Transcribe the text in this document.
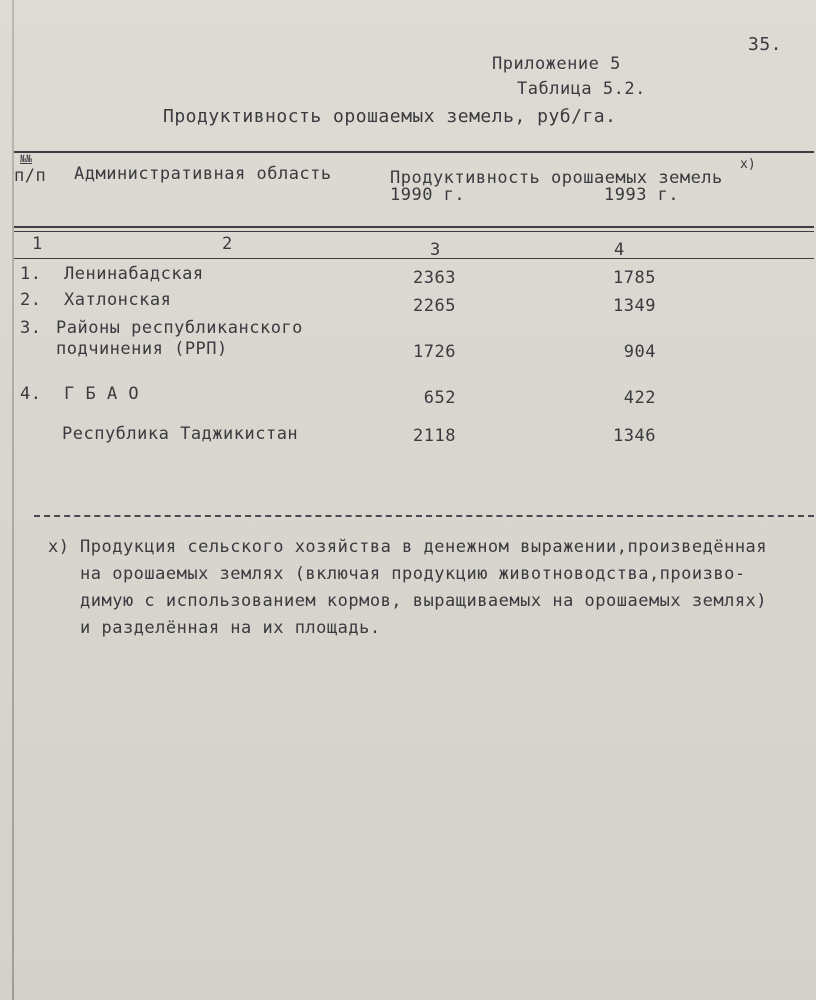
35.
Приложение 5
Таблица 5.2.
Продуктивность орошаемых земель, руб/га.
№№
п/п Административная область	Продуктивность орошаемых земель
x)
1990 г.	1993 г.
1	2	3	4
1. Ленинабадская	2363	1785
2. Хатлонская	2265	1349
3. Районы республиканского
подчинения (РРП)	1726	904
4. Г Б А О	652	422
Республика Таджикистан	2118	1346
x) Продукция сельского хозяйства в денежном выражении,произведённая
на орошаемых землях (включая продукцию животноводства,произво-
димую с использованием кормов, выращиваемых на орошаемых землях)
и разделённая на их площадь.
